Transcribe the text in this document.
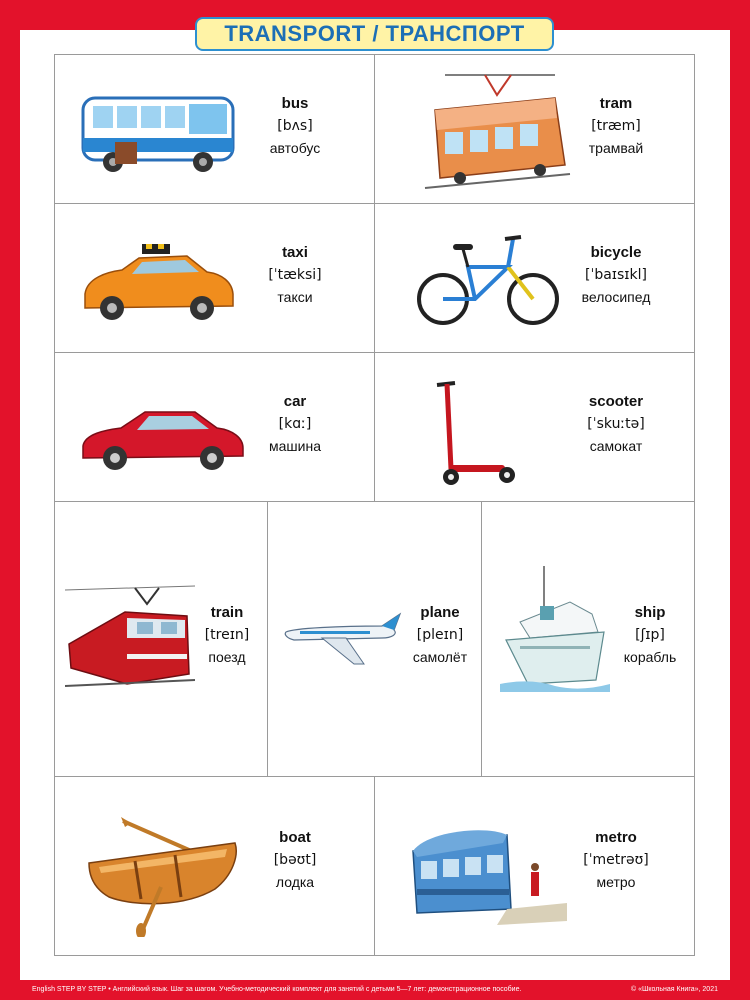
TRANSPORT / ТРАНСПОРТ
bus
[bʌs]
автобус
tram
[træm]
трамвай
taxi
[ˈtæksi]
такси
bicycle
[ˈbaɪsɪkl]
велосипед
car
[kɑː]
машина
scooter
[ˈskuːtə]
самокат
train
[treɪn]
поезд
plane
[pleɪn]
самолёт
ship
[ʃɪp]
корабль
boat
[bəʊt]
лодка
metro
[ˈmetrəʊ]
метро
English STEP BY STEP • Английский язык. Шаг за шагом. Учебно-методический комплект для занятий с детьми 5—7 лет: демонстрационное пособие.	© «Школьная Книга», 2021
